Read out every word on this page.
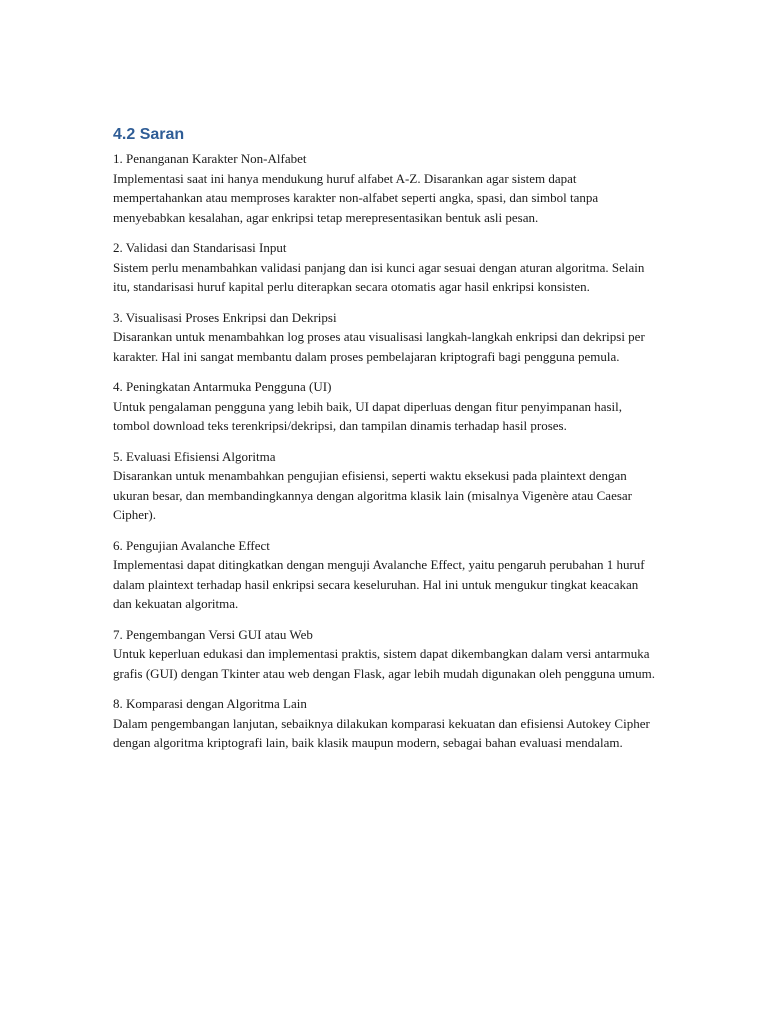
4.2 Saran

1. Penanganan Karakter Non-Alfabet

Implementasi saat ini hanya mendukung huruf alfabet A-Z. Disarankan agar sistem dapat mempertahankan atau memproses karakter non-alfabet seperti angka, spasi, dan simbol tanpa menyebabkan kesalahan, agar enkripsi tetap merepresentasikan bentuk asli pesan.

2. Validasi dan Standarisasi Input

Sistem perlu menambahkan validasi panjang dan isi kunci agar sesuai dengan aturan algoritma. Selain itu, standarisasi huruf kapital perlu diterapkan secara otomatis agar hasil enkripsi konsisten.

3. Visualisasi Proses Enkripsi dan Dekripsi

Disarankan untuk menambahkan log proses atau visualisasi langkah-langkah enkripsi dan dekripsi per karakter. Hal ini sangat membantu dalam proses pembelajaran kriptografi bagi pengguna pemula.

4. Peningkatan Antarmuka Pengguna (UI)

Untuk pengalaman pengguna yang lebih baik, UI dapat diperluas dengan fitur penyimpanan hasil, tombol download teks terenkripsi/dekripsi, dan tampilan dinamis terhadap hasil proses.

5. Evaluasi Efisiensi Algoritma

Disarankan untuk menambahkan pengujian efisiensi, seperti waktu eksekusi pada plaintext dengan ukuran besar, dan membandingkannya dengan algoritma klasik lain (misalnya Vigenère atau Caesar Cipher).

6. Pengujian Avalanche Effect

Implementasi dapat ditingkatkan dengan menguji Avalanche Effect, yaitu pengaruh perubahan 1 huruf dalam plaintext terhadap hasil enkripsi secara keseluruhan. Hal ini untuk mengukur tingkat keacakan dan kekuatan algoritma.

7. Pengembangan Versi GUI atau Web

Untuk keperluan edukasi dan implementasi praktis, sistem dapat dikembangkan dalam versi antarmuka grafis (GUI) dengan Tkinter atau web dengan Flask, agar lebih mudah digunakan oleh pengguna umum.

8. Komparasi dengan Algoritma Lain

Dalam pengembangan lanjutan, sebaiknya dilakukan komparasi kekuatan dan efisiensi Autokey Cipher dengan algoritma kriptografi lain, baik klasik maupun modern, sebagai bahan evaluasi mendalam.
